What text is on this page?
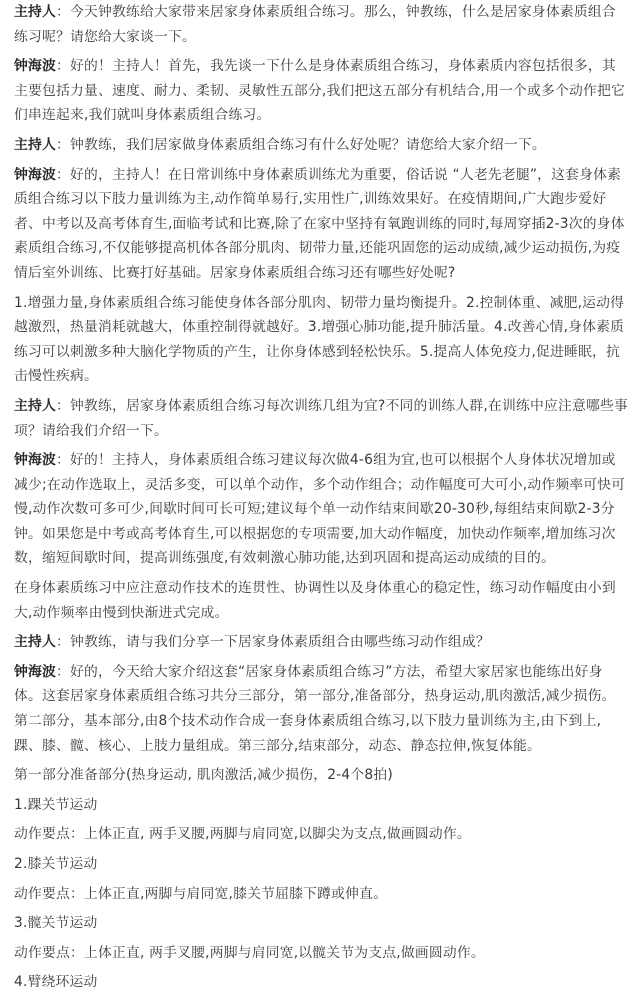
主持人：今天钟教练给大家带来居家身体素质组合练习。那么，钟教练，什么是居家身体素质组合练习呢？请您给大家谈一下。

钟海波：好的！主持人！首先，我先谈一下什么是身体素质组合练习，身体素质内容包括很多，其主要包括力量、速度、耐力、柔韧、灵敏性五部分,我们把这五部分有机结合,用一个或多个动作把它们串连起来,我们就叫身体素质组合练习。

主持人：钟教练，我们居家做身体素质组合练习有什么好处呢？请您给大家介绍一下。

钟海波：好的，主持人！在日常训练中身体素质训练尤为重要，俗话说 “人老先老腿”，这套身体素质组合练习以下肢力量训练为主,动作简单易行,实用性广,训练效果好。在疫情期间,广大跑步爱好者、中考以及高考体育生,面临考试和比赛,除了在家中坚持有氧跑训练的同时,每周穿插2-3次的身体素质组合练习,不仅能够提高机体各部分肌肉、韧带力量,还能巩固您的运动成绩,减少运动损伤,为疫情后室外训练、比赛打好基础。居家身体素质组合练习还有哪些好处呢?

1.增强力量,身体素质组合练习能使身体各部分肌肉、韧带力量均衡提升。2.控制体重、减肥,运动得越激烈，热量消耗就越大，体重控制得就越好。3.增强心肺功能,提升肺活量。4.改善心情,身体素质练习可以刺激多种大脑化学物质的产生，让你身体感到轻松快乐。5.提高人体免疫力,促进睡眠，抗击慢性疾病。

主持人：钟教练，居家身体素质组合练习每次训练几组为宜?不同的训练人群,在训练中应注意哪些事项？请给我们介绍一下。

钟海波：好的！主持人，身体素质组合练习建议每次做4-6组为宜,也可以根据个人身体状况增加或减少;在动作选取上，灵活多变，可以单个动作，多个动作组合；动作幅度可大可小,动作频率可快可慢,动作次数可多可少,间歇时间可长可短;建议每个单一动作结束间歇20-30秒,每组结束间歇2-3分钟。如果您是中考或高考体育生,可以根据您的专项需要,加大动作幅度，加快动作频率,增加练习次数，缩短间歇时间，提高训练强度,有效刺激心肺功能,达到巩固和提高运动成绩的目的。

在身体素质练习中应注意动作技术的连贯性、协调性以及身体重心的稳定性，练习动作幅度由小到大,动作频率由慢到快渐进式完成。

主持人：钟教练，请与我们分享一下居家身体素质组合由哪些练习动作组成？

钟海波：好的，今天给大家介绍这套“居家身体素质组合练习”方法，希望大家居家也能练出好身体。这套居家身体素质组合练习共分三部分，第一部分,准备部分，热身运动,肌肉激活,减少损伤。第二部分，基本部分,由8个技术动作合成一套身体素质组合练习,以下肢力量训练为主,由下到上,踝、膝、髋、核心、上肢力量组成。第三部分,结束部分，动态、静态拉伸,恢复体能。

第一部分准备部分(热身运动, 肌肉激活,减少损伤，2-4个8拍)

1.踝关节运动

动作要点：上体正直, 两手叉腰,两脚与肩同宽,以脚尖为支点,做画圆动作。

2.膝关节运动

动作要点：上体正直,两脚与肩同宽,膝关节屈膝下蹲或伸直。

3.髋关节运动

动作要点：上体正直, 两手叉腰,两脚与肩同宽,以髋关节为支点,做画圆动作。

4.臂绕环运动
